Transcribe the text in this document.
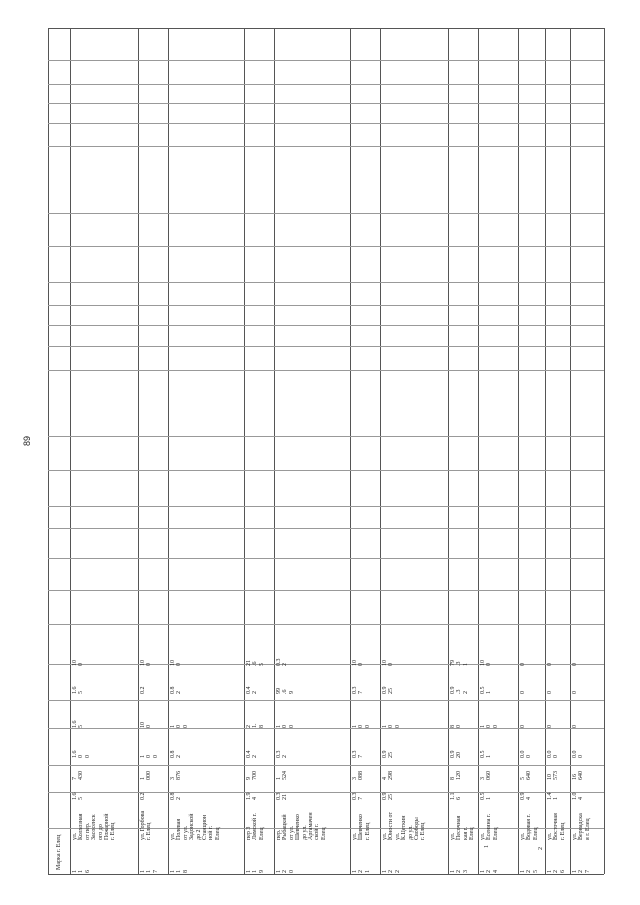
89
Марка г. Елец
1
1
6
ул.
Колхозная
от пер.
Засосенск
ого до
Пожарной
г. Елец
1.6
5
7
430
1.6
0
0
1.6
5
1.6
5
10
0
1
1
7
ул. Горбова
г. Елец
0.2
1
000
1
0
0
10
0
0.2
10
0
1
1
8
ул.
Полевая
от ул.
Задонской
до 2
Станцион
ной г.
Елец
0.8
2
3
876
0.8
2
1
0
0
0.8
2
10
0
1
1
9
пер 3
Лямской г.
Елец
1.9
4
9
700
0.4
2
2
1.
8
0.4
2
21
.6
5
1
2
0
пер.
Рыбацкий
от ул.
Шевченко
до ул.
Аргамачен
ской г.
Елец
0.3
21
1
524
0.3
2
1
0
0
99
.6
9
0.3
2
1
2
1
ул.
Шевченко
г. Елец
0.3
7
3
088
0.3
7
1
0
0
0.3
7
10
0
1
2
2
ул.
Юности от
ул.
К.Цеткин
до ул.
Свободы
г. Елец
0.9
25
4
298
0.9
25
1
0
0
0.9
25
10
0
1
2
3
ул.
Песочная
кая г.
Елец
1.1
6
8
120
0.9
20
8
0
0.9
.3
2
79
.3
1
1
2
4
ул.
Есенина г.
Елец
0.5
1
3
060
0.5
1
1
0
0
0.5
1
10
0
1
2
5
ул.
Водовая г.
Елец
0.9
4
5
640
0.0
0
0
0
0
1
2
6
ул.
Восточная
г. Елец
1.4
1
10
573
0.0
0
0
0
0
1
2
7
ул.
Вернадска
я г. Елец
1.0
4
16
640
0.0
0
0
0
0
1
2
